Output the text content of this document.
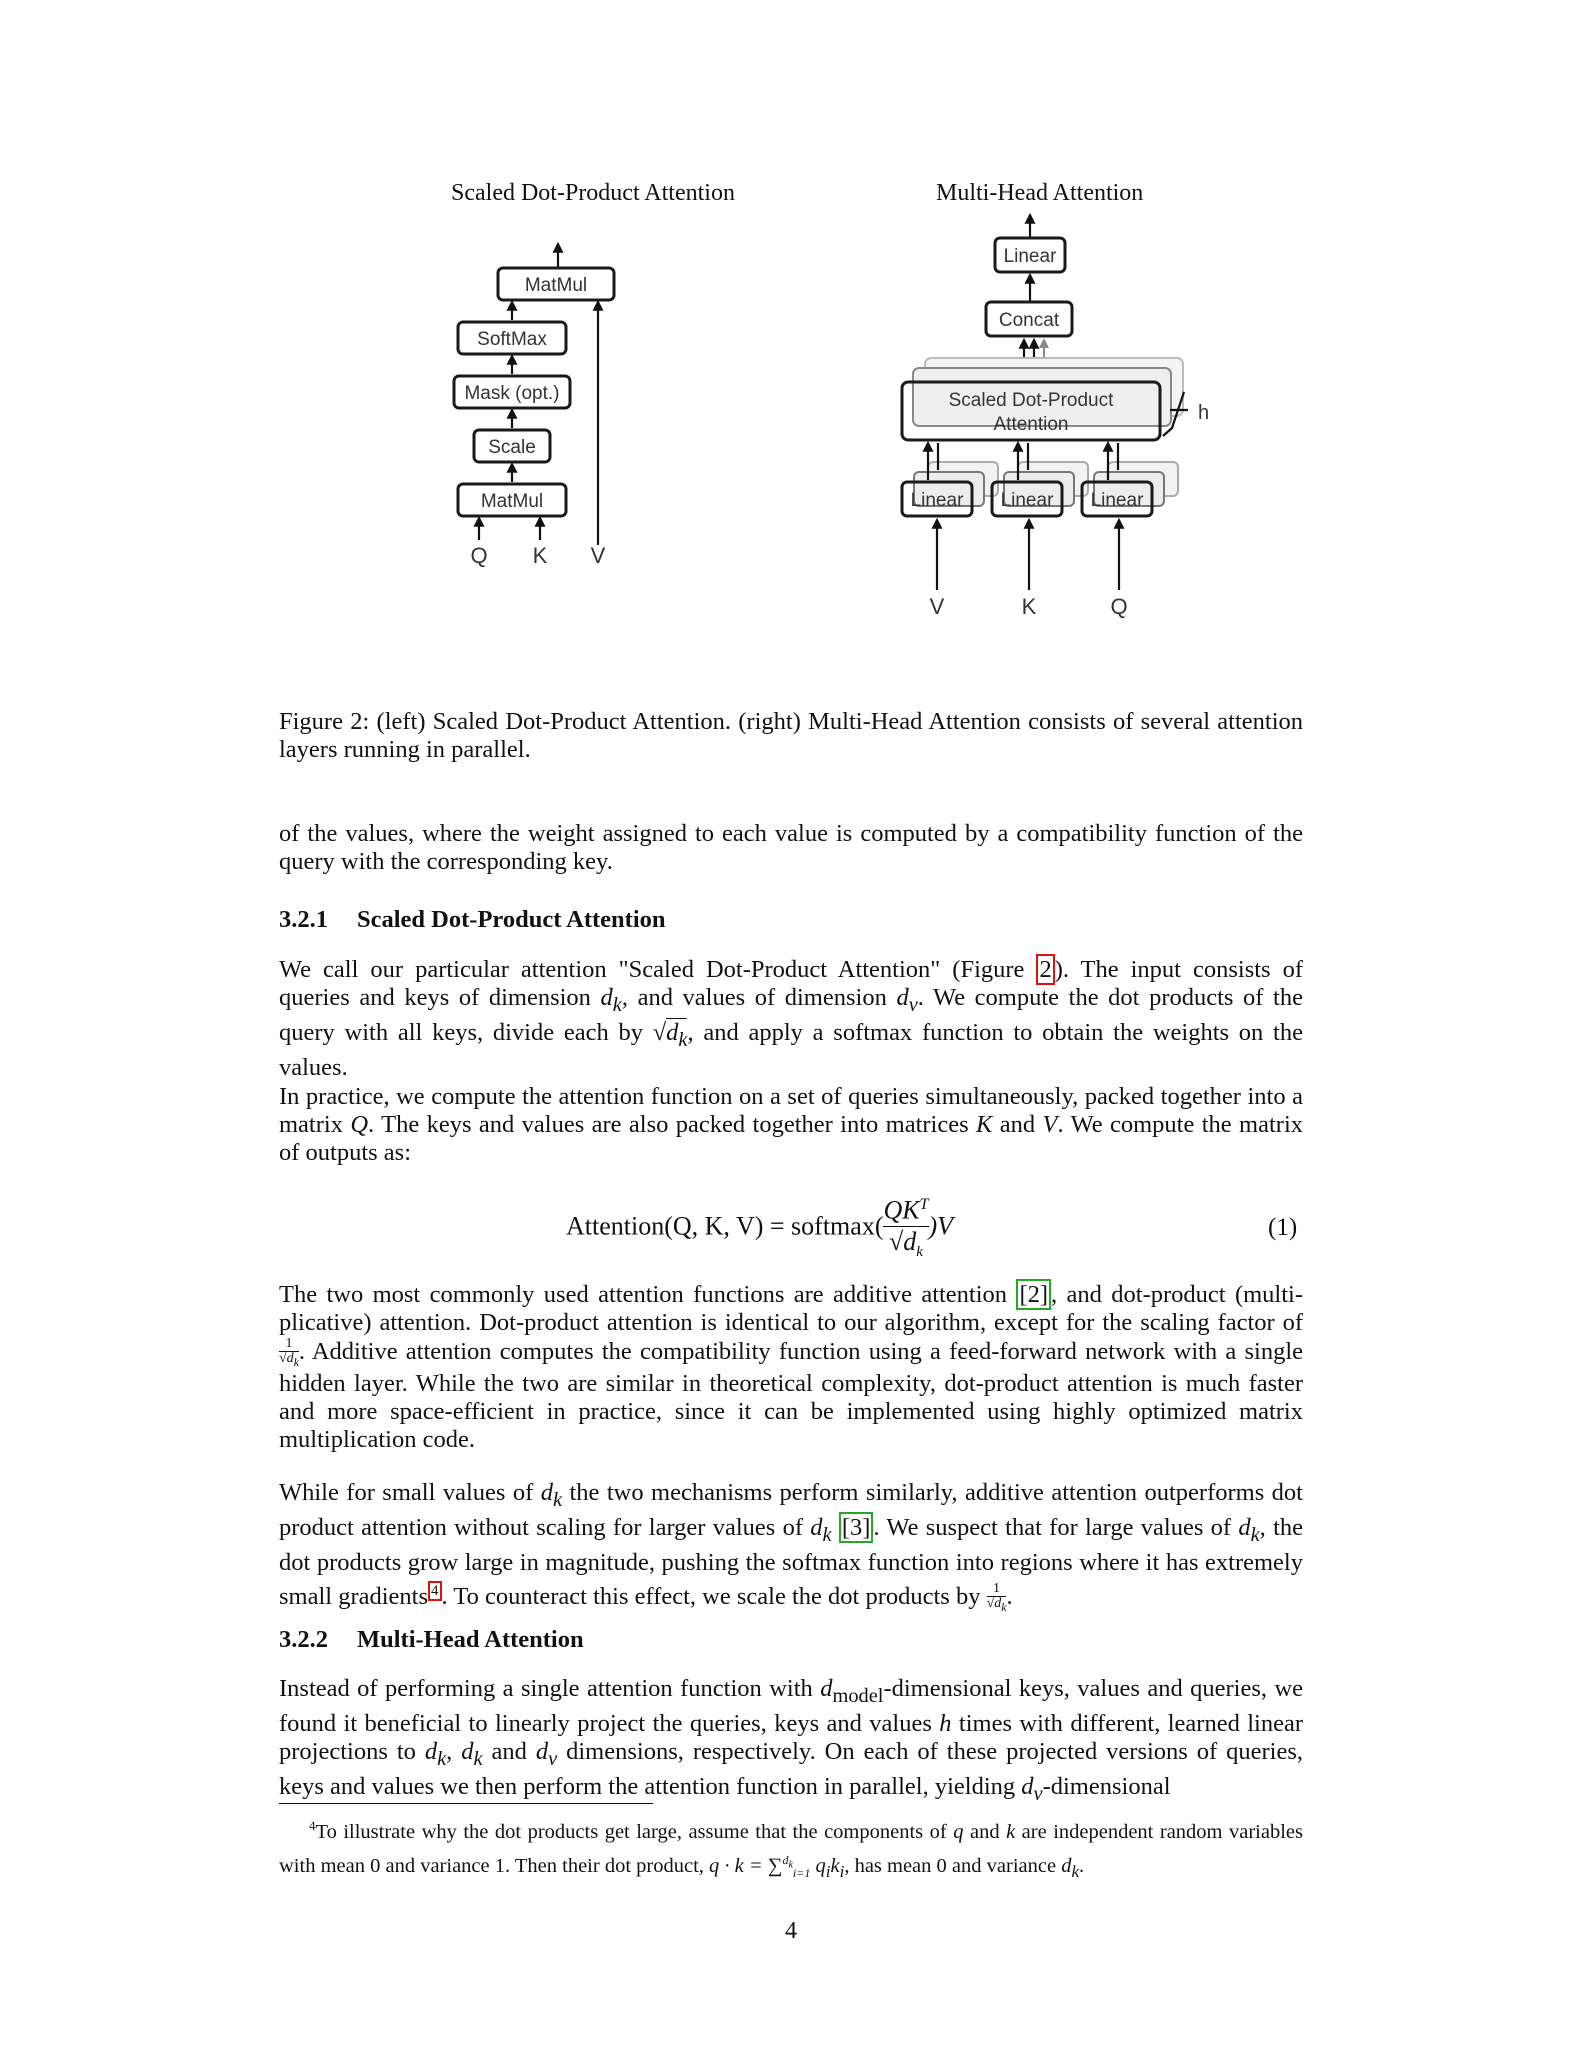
Scaled Dot-Product Attention	Multi-Head Attention
MatMul
SoftMax
Mask (opt.)
Scale
MatMul
Q K V
Linear
Concat
Scaled Dot-Product
Attention
h
Linear Linear Linear
V	K	Q
Figure 2: (left) Scaled Dot-Product Attention. (right) Multi-Head Attention consists of several attention layers running in parallel.
of the values, where the weight assigned to each value is computed by a compatibility function of the query with the corresponding key.
3.2.1 Scaled Dot-Product Attention
We call our particular attention "Scaled Dot-Product Attention" (Figure 2 ). The input consists of queries and keys of dimension $d_k$, and values of dimension $d_v$. We compute the dot products of the query with all keys, divide each by $√d_k$, and apply a softmax function to obtain the weights on the values.
In practice, we compute the attention function on a set of queries simultaneously, packed together into a matrix Q. The keys and values are also packed together into matrices K and V. We compute the matrix of outputs as:
Attention(Q, K, V) = softmax(
$QK^T$
$√d_k$
)V	(1)
The two most commonly used attention functions are additive attention [2] , and dot-product (multi-plicative) attention. Dot-product attention is identical to our algorithm, except for the scaling factor of
$\frac{1}{√d_k}$ . Additive attention computes the compatibility function using a feed-forward network with a single hidden layer. While the two are similar in theoretical complexity, dot-product attention is much faster and more space-efficient in practice, since it can be implemented using highly optimized matrix multiplication code.
While for small values of $d_k$ the two mechanisms perform similarly, additive attention outperforms dot product attention without scaling for larger values of $d_k$ [3] . We suspect that for large values of $d_k$, the dot products grow large in magnitude, pushing the softmax function into regions where it has extremely small gradients $^4$ . To counteract this effect, we scale the dot products by $\frac{1}{√d_k}$ .
3.2.2 Multi-Head Attention
Instead of performing a single attention function with $d_{model}$-dimensional keys, values and queries, we found it beneficial to linearly project the queries, keys and values h times with different, learned linear projections to $d_k$, $d_k$ and $d_v$ dimensions, respectively. On each of these projected versions of queries, keys and values we then perform the attention function in parallel, yielding $d_v$-dimensional
$^4$To illustrate why the dot products get large, assume that the components of q and k are independent random variables with mean 0 and variance 1. Then their dot product, q · k = ∑$^{d_k}_{i=1}$ $q_ik_i$, has mean 0 and variance $d_k$.
4
